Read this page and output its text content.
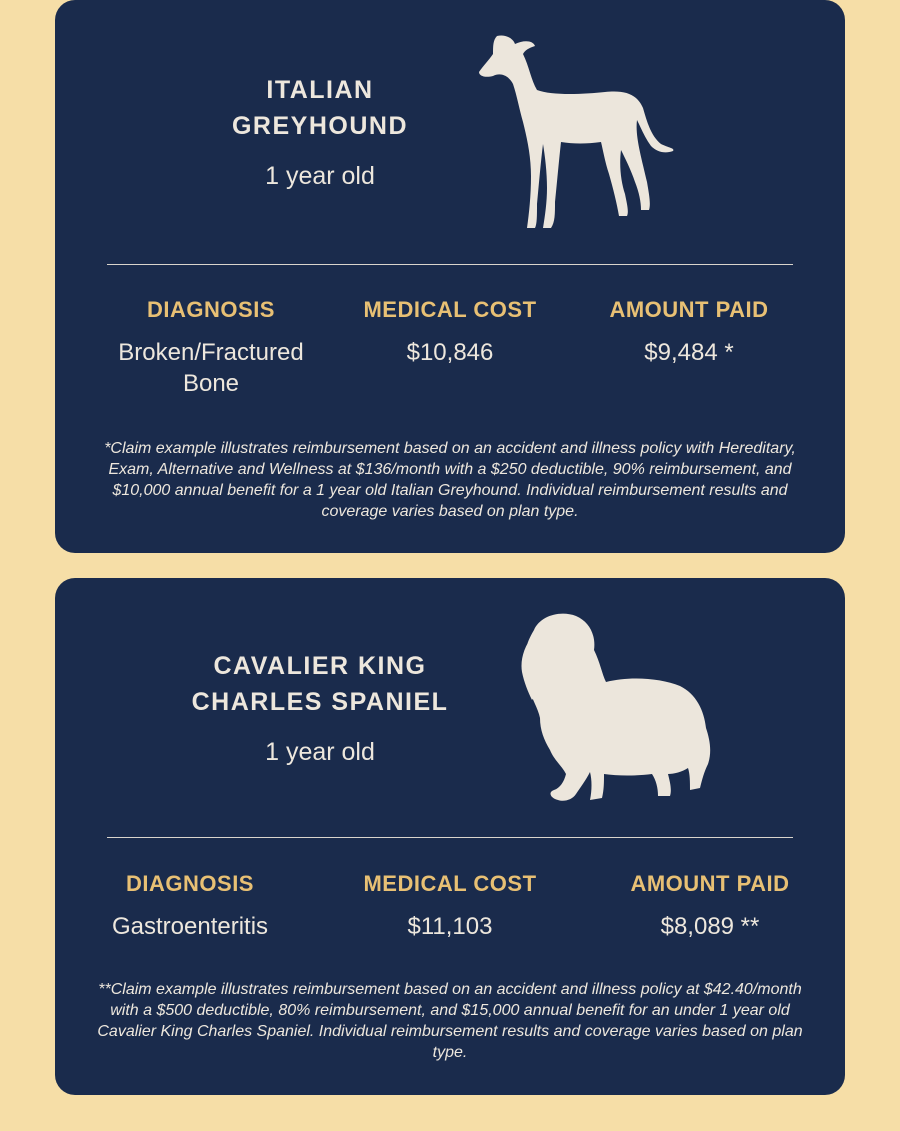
ITALIAN
GREYHOUND
1 year old
DIAGNOSIS
Broken/Fractured
Bone
MEDICAL COST
$10,846
AMOUNT PAID
$9,484 *
*Claim example illustrates reimbursement based on an accident and illness policy with Hereditary, Exam, Alternative and Wellness at $136/month with a $250 deductible, 90% reimbursement, and $10,000 annual benefit for a 1 year old Italian Greyhound. Individual reimbursement results and coverage varies based on plan type.
CAVALIER KING
CHARLES SPANIEL
1 year old
DIAGNOSIS
Gastroenteritis
MEDICAL COST
$11,103
AMOUNT PAID
$8,089 **
**Claim example illustrates reimbursement based on an accident and illness policy at $42.40/month with a $500 deductible, 80% reimbursement, and $15,000 annual benefit for an under 1 year old Cavalier King Charles Spaniel. Individual reimbursement results and coverage varies based on plan type.
